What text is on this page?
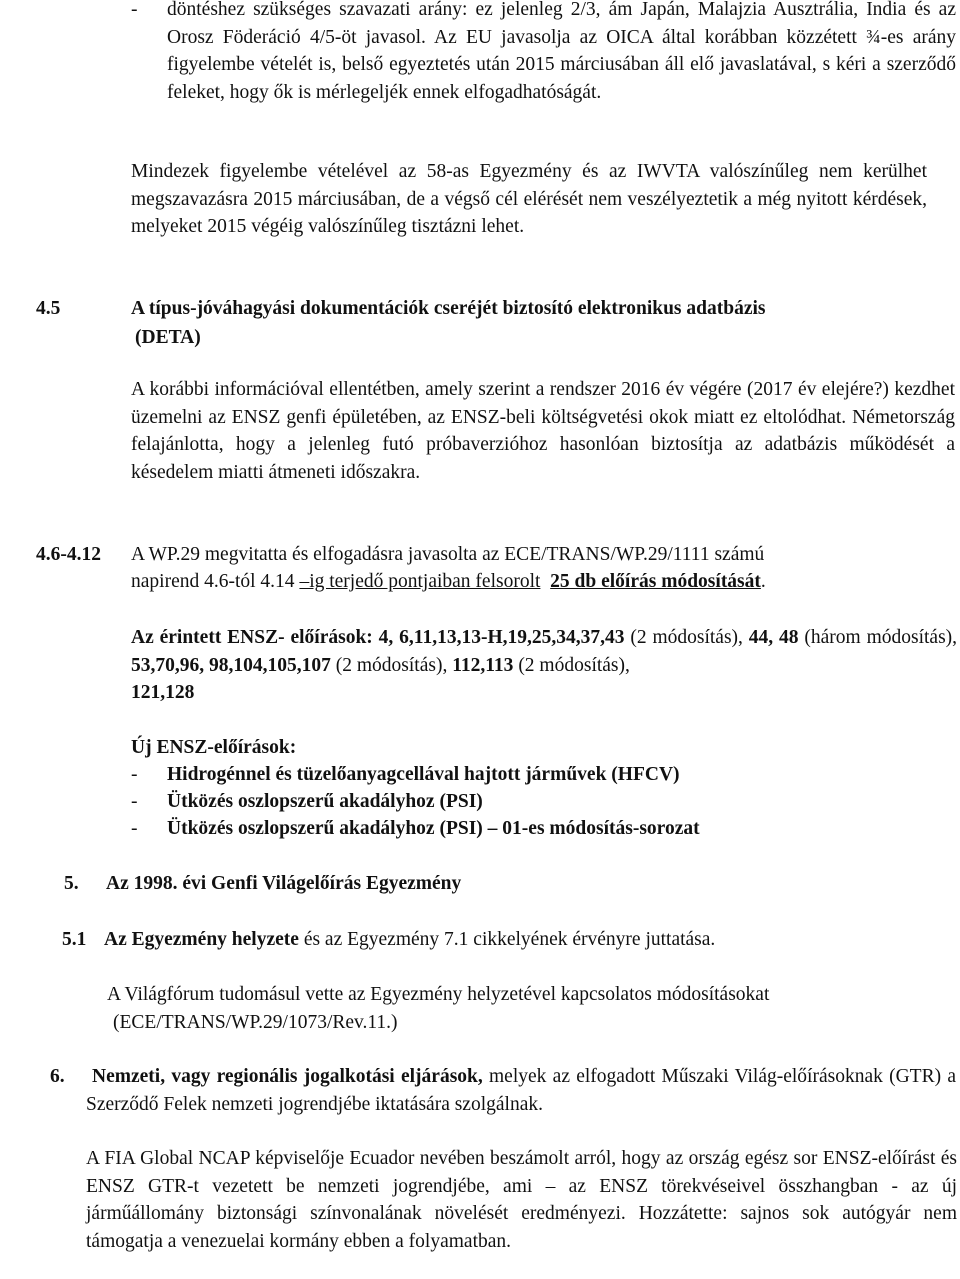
- döntéshez szükséges szavazati arány: ez jelenleg 2/3, ám Japán, Malajzia Ausztrália, India és az Orosz Föderáció 4/5-öt javasol. Az EU javasolja az OICA által korábban közzétett ¾-es arány figyelembe vételét is, belső egyeztetés után 2015 márciusában áll elő javaslatával, s kéri a szerződő feleket, hogy ők is mérlegeljék ennek elfogadhatóságát.

Mindezek figyelembe vételével az 58-as Egyezmény és az IWVTA valószínűleg nem kerülhet megszavazásra 2015 márciusában, de a végső cél elérését nem veszélyeztetik a még nyitott kérdések, melyeket 2015 végéig valószínűleg tisztázni lehet.

4.5	A típus-jóváhagyási dokumentációk cseréjét biztosító elektronikus adatbázis
(DETA)

A korábbi információval ellentétben, amely szerint a rendszer 2016 év végére (2017 év elejére?) kezdhet üzemelni az ENSZ genfi épületében, az ENSZ-beli költségvetési okok miatt ez eltolódhat. Németország felajánlotta, hogy a jelenleg futó próbaverzióhoz hasonlóan biztosítja az adatbázis működését a késedelem miatti átmeneti időszakra.

4.6-4.12 A WP.29 megvitatta és elfogadásra javasolta az ECE/TRANS/WP.29/1111 számú
napirend 4.6-tól 4.14 –ig terjedő pontjaiban felsorolt 25 db előírás módosítását.
Az érintett ENSZ- előírások: 4, 6,11,13,13-H,19,25,34,37,43 (2 módosítás), 44, 48 (három módosítás), 53,70,96, 98,104,105,107 (2 módosítás), 112,113 (2 módosítás),
121,128
Új ENSZ-előírások:
- Hidrogénnel és tüzelőanyagcellával hajtott járművek (HFCV)
- Ütközés oszlopszerű akadályhoz (PSI)
- Ütközés oszlopszerű akadályhoz (PSI) – 01-es módosítás-sorozat
5. Az 1998. évi Genfi Világelőírás Egyezmény
5.1 Az Egyezmény helyzete és az Egyezmény 7.1 cikkelyének érvényre juttatása.
A Világfórum tudomásul vette az Egyezmény helyzetével kapcsolatos módosításokat
(ECE/TRANS/WP.29/1073/Rev.11.)
6.	Nemzeti, vagy regionális jogalkotási eljárások, melyek az elfogadott Műszaki Világ-előírásoknak (GTR) a Szerződő Felek nemzeti jogrendjébe iktatására szolgálnak.

A FIA Global NCAP képviselője Ecuador nevében beszámolt arról, hogy az ország egész sor ENSZ-előírást és ENSZ GTR-t vezetett be nemzeti jogrendjébe, ami – az ENSZ törekvéseivel összhangban - az új járműállomány biztonsági színvonalának növelését eredményezi. Hozzátette: sajnos sok autógyár nem támogatja a venezuelai kormány ebben a folyamatban.
